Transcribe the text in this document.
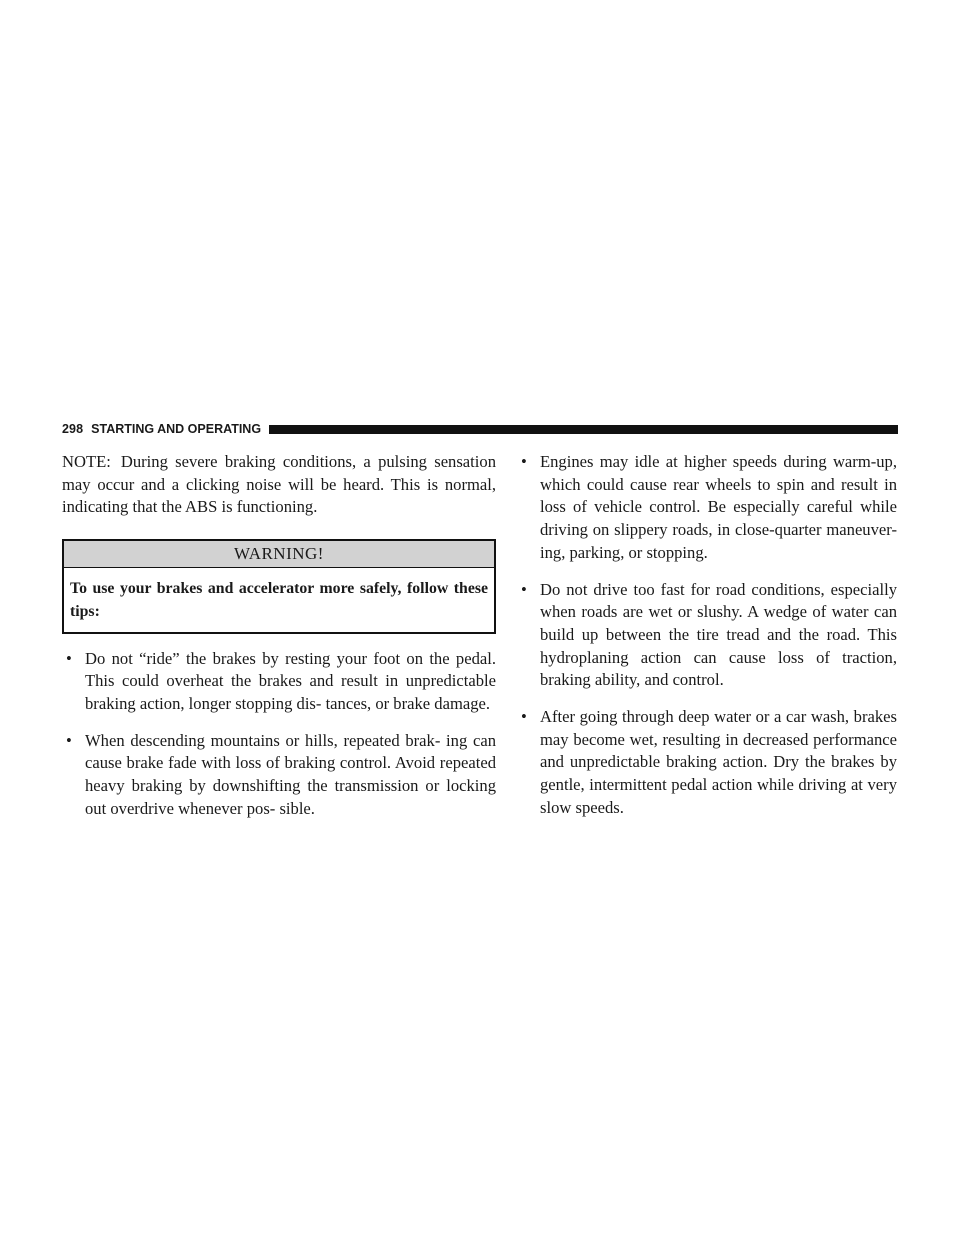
298 STARTING AND OPERATING

NOTE: During severe braking conditions, a pulsing sensation may occur and a clicking noise will be heard. This is normal, indicating that the ABS is functioning.

WARNING!
To use your brakes and accelerator more safely, follow these tips:
• Do not “ride” the brakes by resting your foot on the pedal. This could overheat the brakes and result in unpredictable braking action, longer stopping dis- tances, or brake damage.
• When descending mountains or hills, repeated brak- ing can cause brake fade with loss of braking control. Avoid repeated heavy braking by downshifting the transmission or locking out overdrive whenever pos- sible.
• Engines may idle at higher speeds during warm-up, which could cause rear wheels to spin and result in loss of vehicle control. Be especially careful while driving on slippery roads, in close-quarter maneuver- ing, parking, or stopping.
• Do not drive too fast for road conditions, especially when roads are wet or slushy. A wedge of water can build up between the tire tread and the road. This hydroplaning action can cause loss of traction, braking ability, and control.
• After going through deep water or a car wash, brakes may become wet, resulting in decreased performance and unpredictable braking action. Dry the brakes by gentle, intermittent pedal action while driving at very slow speeds.
